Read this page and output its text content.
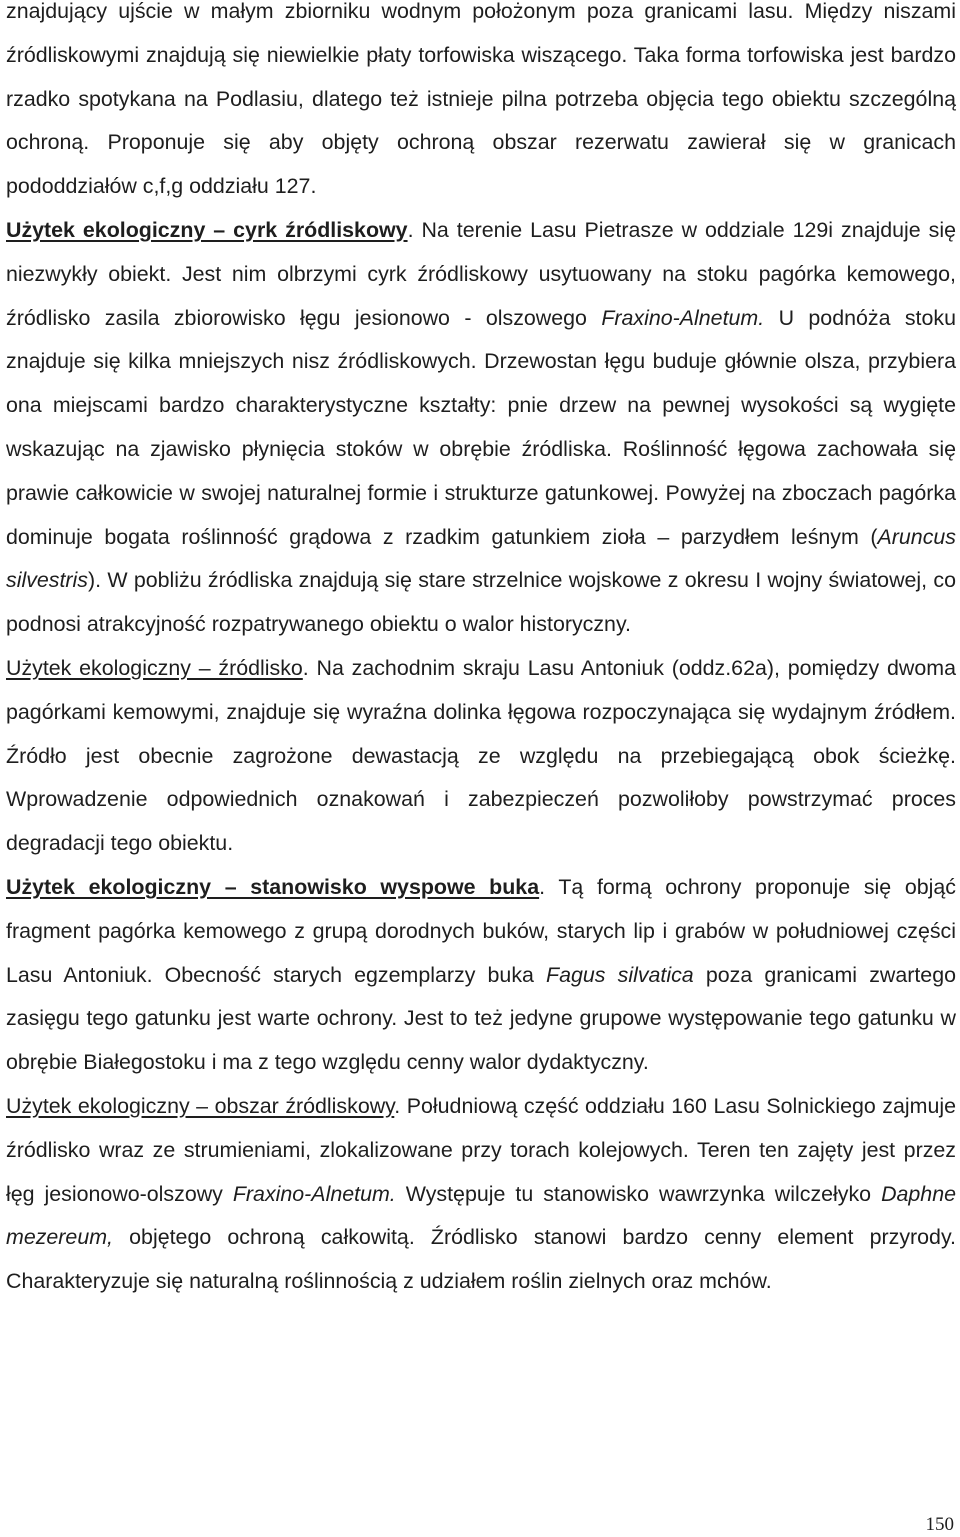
znajdujący ujście w małym zbiorniku wodnym położonym poza granicami lasu. Między niszami źródliskowymi znajdują się niewielkie płaty torfowiska wiszącego. Taka forma torfowiska jest bardzo rzadko spotykana na Podlasiu, dlatego też istnieje pilna potrzeba objęcia tego obiektu szczególną ochroną. Proponuje się aby objęty ochroną obszar rezerwatu zawierał się w granicach pododdziałów c,f,g oddziału 127.

Użytek ekologiczny – cyrk źródliskowy. Na terenie Lasu Pietrasze w oddziale 129i znajduje się niezwykły obiekt. Jest nim olbrzymi cyrk źródliskowy usytuowany na stoku pagórka kemowego, źródlisko zasila zbiorowisko łęgu jesionowo - olszowego Fraxino-Alnetum. U podnóża stoku znajduje się kilka mniejszych nisz źródliskowych. Drzewostan łęgu buduje głównie olsza, przybiera ona miejscami bardzo charakterystyczne kształty: pnie drzew na pewnej wysokości są wygięte wskazując na zjawisko płynięcia stoków w obrębie źródliska. Roślinność łęgowa zachowała się prawie całkowicie w swojej naturalnej formie i strukturze gatunkowej. Powyżej na zboczach pagórka dominuje bogata roślinność grądowa z rzadkim gatunkiem zioła – parzydłem leśnym (Aruncus silvestris). W pobliżu źródliska znajdują się stare strzelnice wojskowe z okresu I wojny światowej, co podnosi atrakcyjność rozpatrywanego obiektu o walor historyczny.

Użytek ekologiczny – źródlisko. Na zachodnim skraju Lasu Antoniuk (oddz.62a), pomiędzy dwoma pagórkami kemowymi, znajduje się wyraźna dolinka łęgowa rozpoczynająca się wydajnym źródłem. Źródło jest obecnie zagrożone dewastacją ze względu na przebiegającą obok ścieżkę. Wprowadzenie odpowiednich oznakowań i zabezpieczeń pozwoliłoby powstrzymać proces degradacji tego obiektu.

Użytek ekologiczny – stanowisko wyspowe buka. Tą formą ochrony proponuje się objąć fragment pagórka kemowego z grupą dorodnych buków, starych lip i grabów w południowej części Lasu Antoniuk. Obecność starych egzemplarzy buka Fagus silvatica poza granicami zwartego zasięgu tego gatunku jest warte ochrony. Jest to też jedyne grupowe występowanie tego gatunku w obrębie Białegostoku i ma z tego względu cenny walor dydaktyczny.

Użytek ekologiczny – obszar źródliskowy. Południową część oddziału 160 Lasu Solnickiego zajmuje źródlisko wraz ze strumieniami, zlokalizowane przy torach kolejowych. Teren ten zajęty jest przez łęg jesionowo-olszowy Fraxino-Alnetum. Występuje tu stanowisko wawrzynka wilczełyko Daphne mezereum, objętego ochroną całkowitą. Źródlisko stanowi bardzo cenny element przyrody. Charakteryzuje się naturalną roślinnością z udziałem roślin zielnych oraz mchów.

150
